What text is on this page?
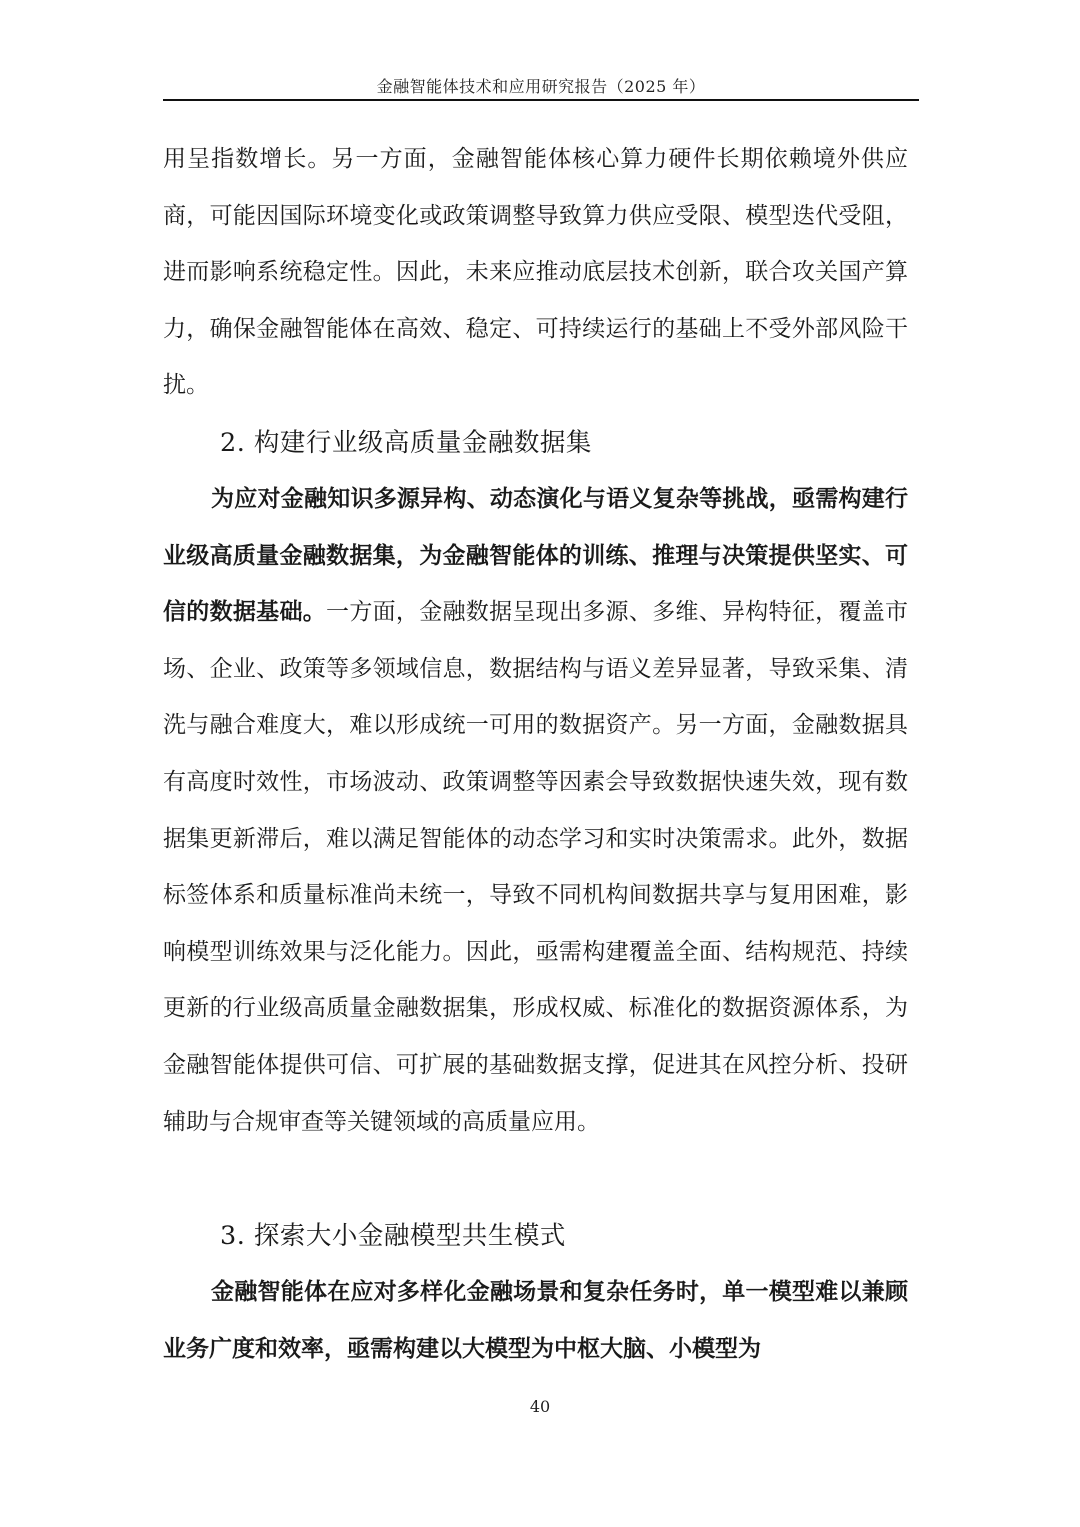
金融智能体技术和应用研究报告（2025 年）

用呈指数增长。另一方面，金融智能体核心算力硬件长期依赖境外供应商，可能因国际环境变化或政策调整导致算力供应受限、模型迭代受阻，进而影响系统稳定性。因此，未来应推动底层技术创新，联合攻关国产算力，确保金融智能体在高效、稳定、可持续运行的基础上不受外部风险干扰。

2. 构建行业级高质量金融数据集

为应对金融知识多源异构、动态演化与语义复杂等挑战，亟需构建行业级高质量金融数据集，为金融智能体的训练、推理与决策提供坚实、可信的数据基础。一方面，金融数据呈现出多源、多维、异构特征，覆盖市场、企业、政策等多领域信息，数据结构与语义差异显著，导致采集、清洗与融合难度大，难以形成统一可用的数据资产。另一方面，金融数据具有高度时效性，市场波动、政策调整等因素会导致数据快速失效，现有数据集更新滞后，难以满足智能体的动态学习和实时决策需求。此外，数据标签体系和质量标准尚未统一，导致不同机构间数据共享与复用困难，影响模型训练效果与泛化能力。因此，亟需构建覆盖全面、结构规范、持续更新的行业级高质量金融数据集，形成权威、标准化的数据资源体系，为金融智能体提供可信、可扩展的基础数据支撑，促进其在风控分析、投研辅助与合规审查等关键领域的高质量应用。

3. 探索大小金融模型共生模式

金融智能体在应对多样化金融场景和复杂任务时，单一模型难以兼顾业务广度和效率，亟需构建以大模型为中枢大脑、小模型为

40
